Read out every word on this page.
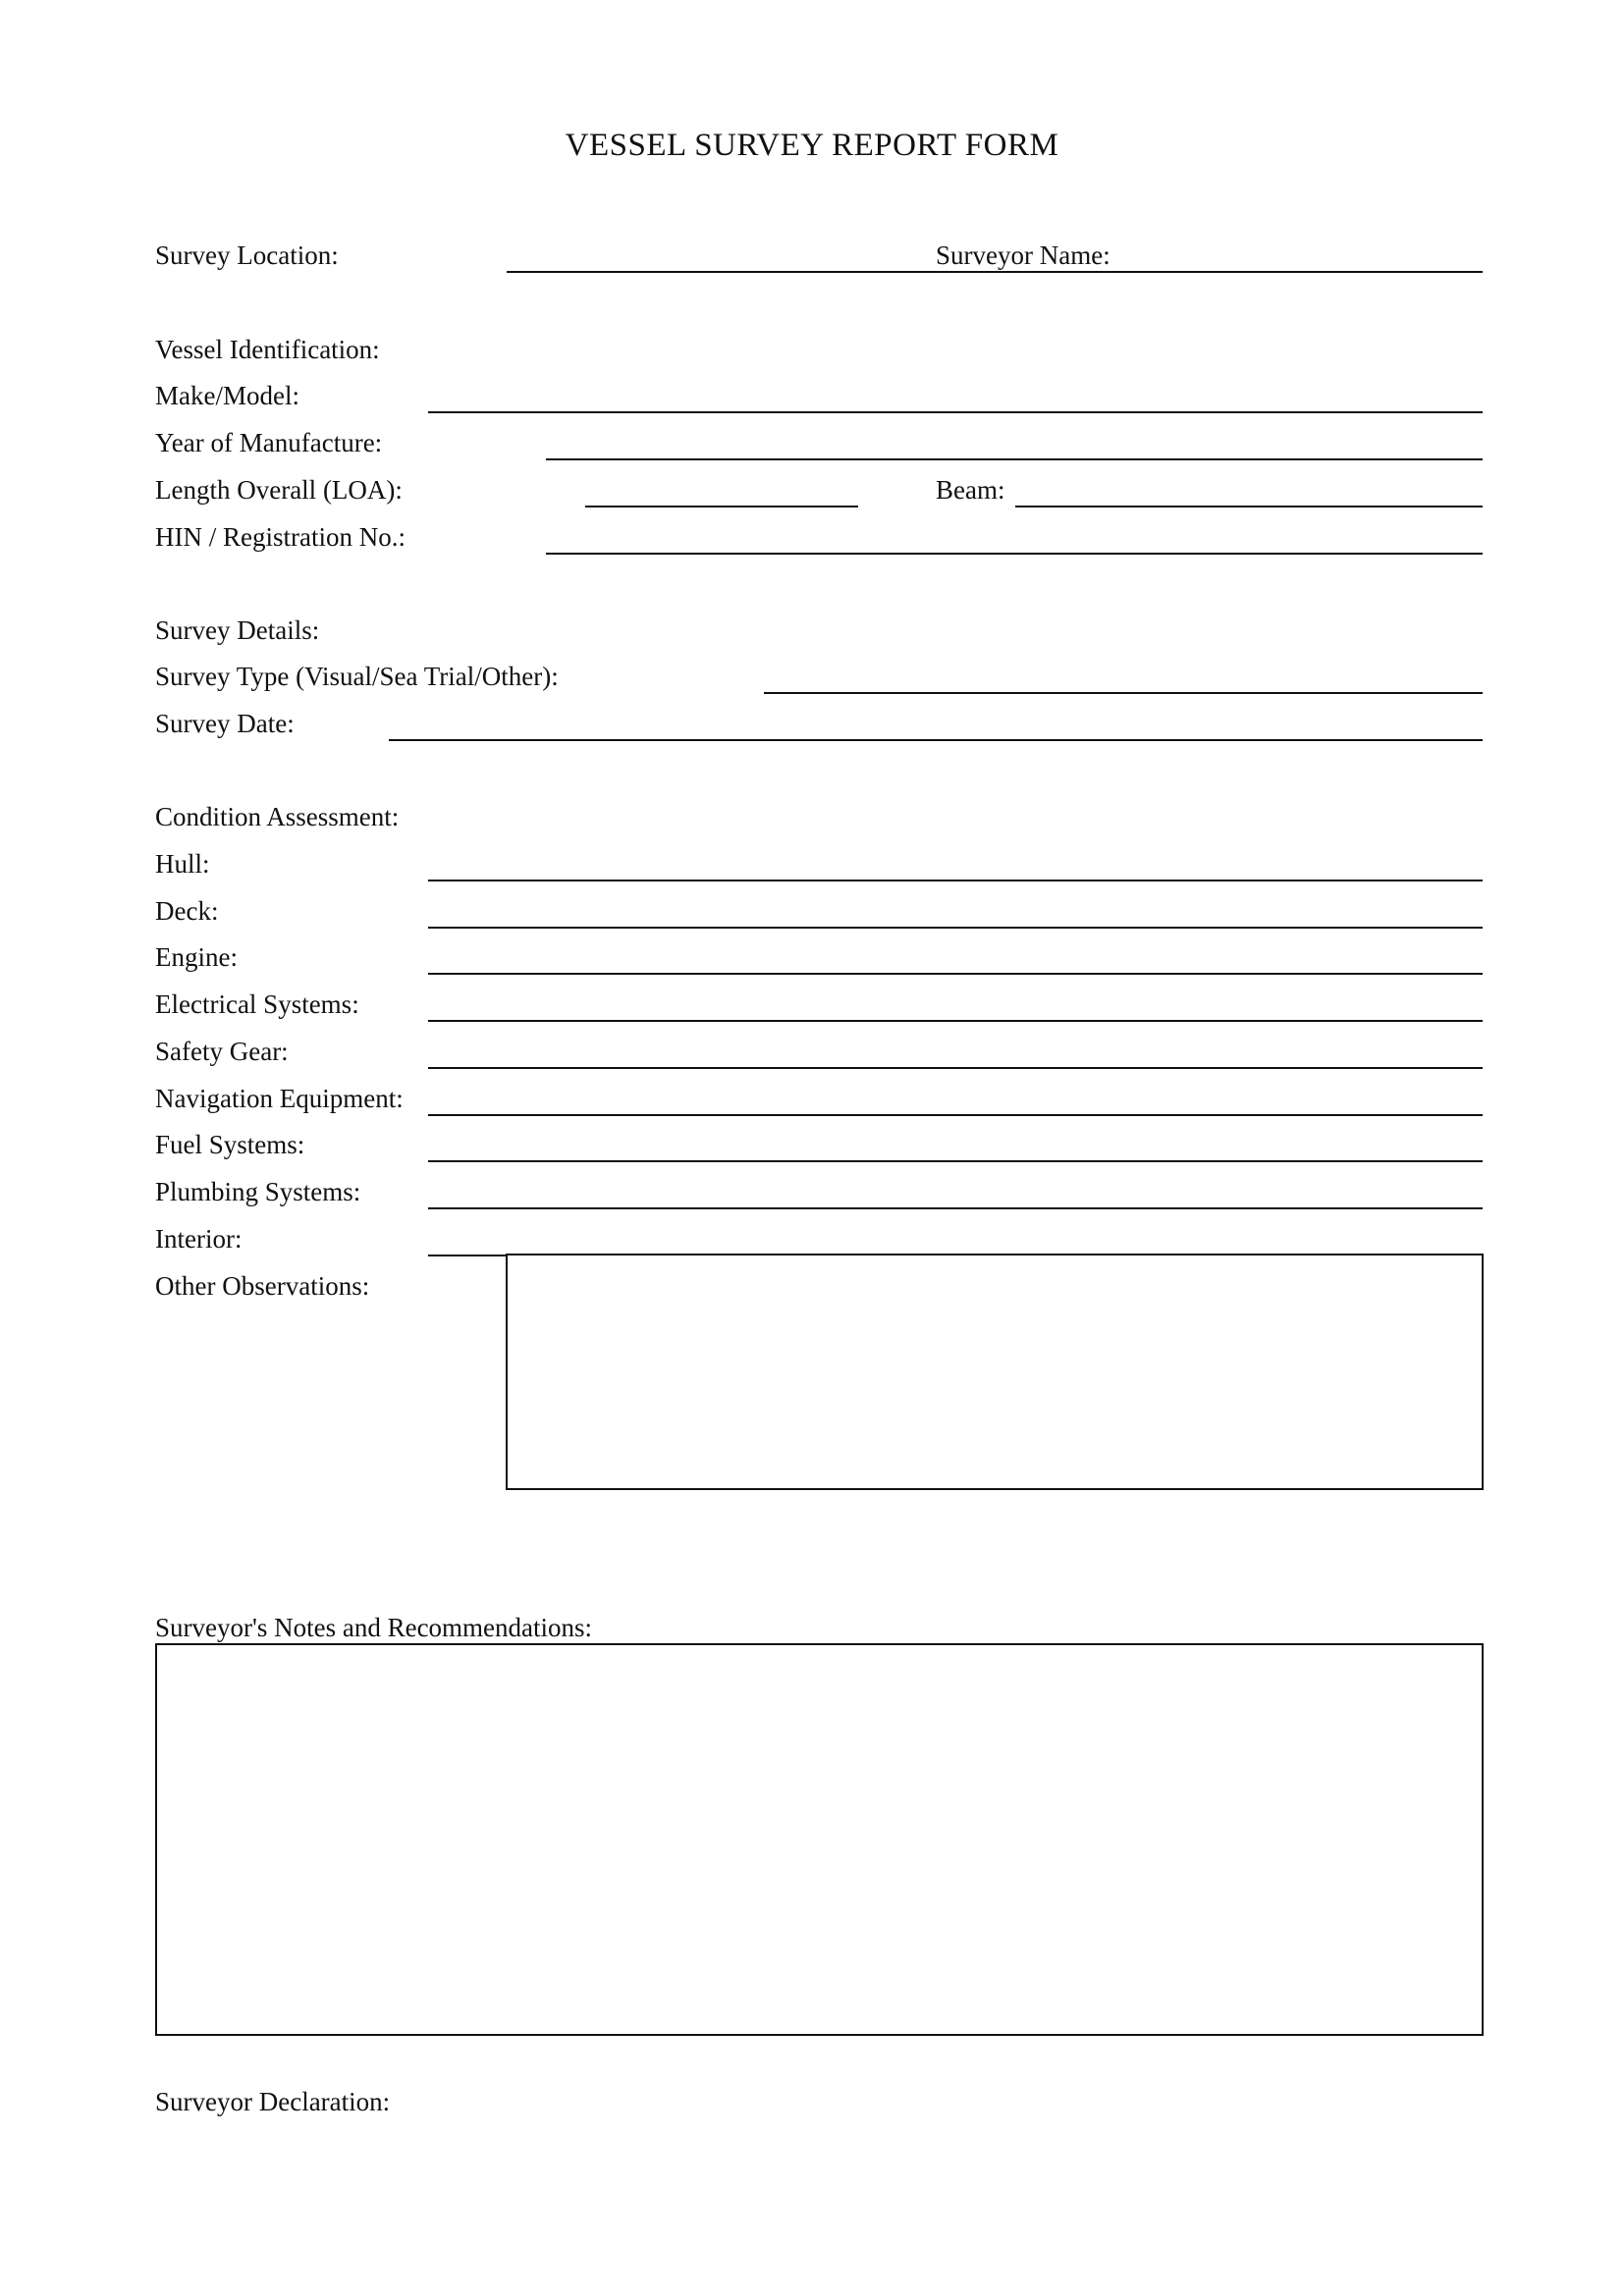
VESSEL SURVEY REPORT FORM
Survey Location:	Surveyor Name:
Vessel Identification:
Make/Model:
Year of Manufacture:
Length Overall (LOA):	Beam:
HIN / Registration No.:
Survey Details:
Survey Type (Visual/Sea Trial/Other):
Survey Date:
Condition Assessment:
Hull:
Deck:
Engine:
Electrical Systems:
Safety Gear:
Navigation Equipment:
Fuel Systems:
Plumbing Systems:
Interior:
Other Observations:
Surveyor's Notes and Recommendations:
Surveyor Declaration:
